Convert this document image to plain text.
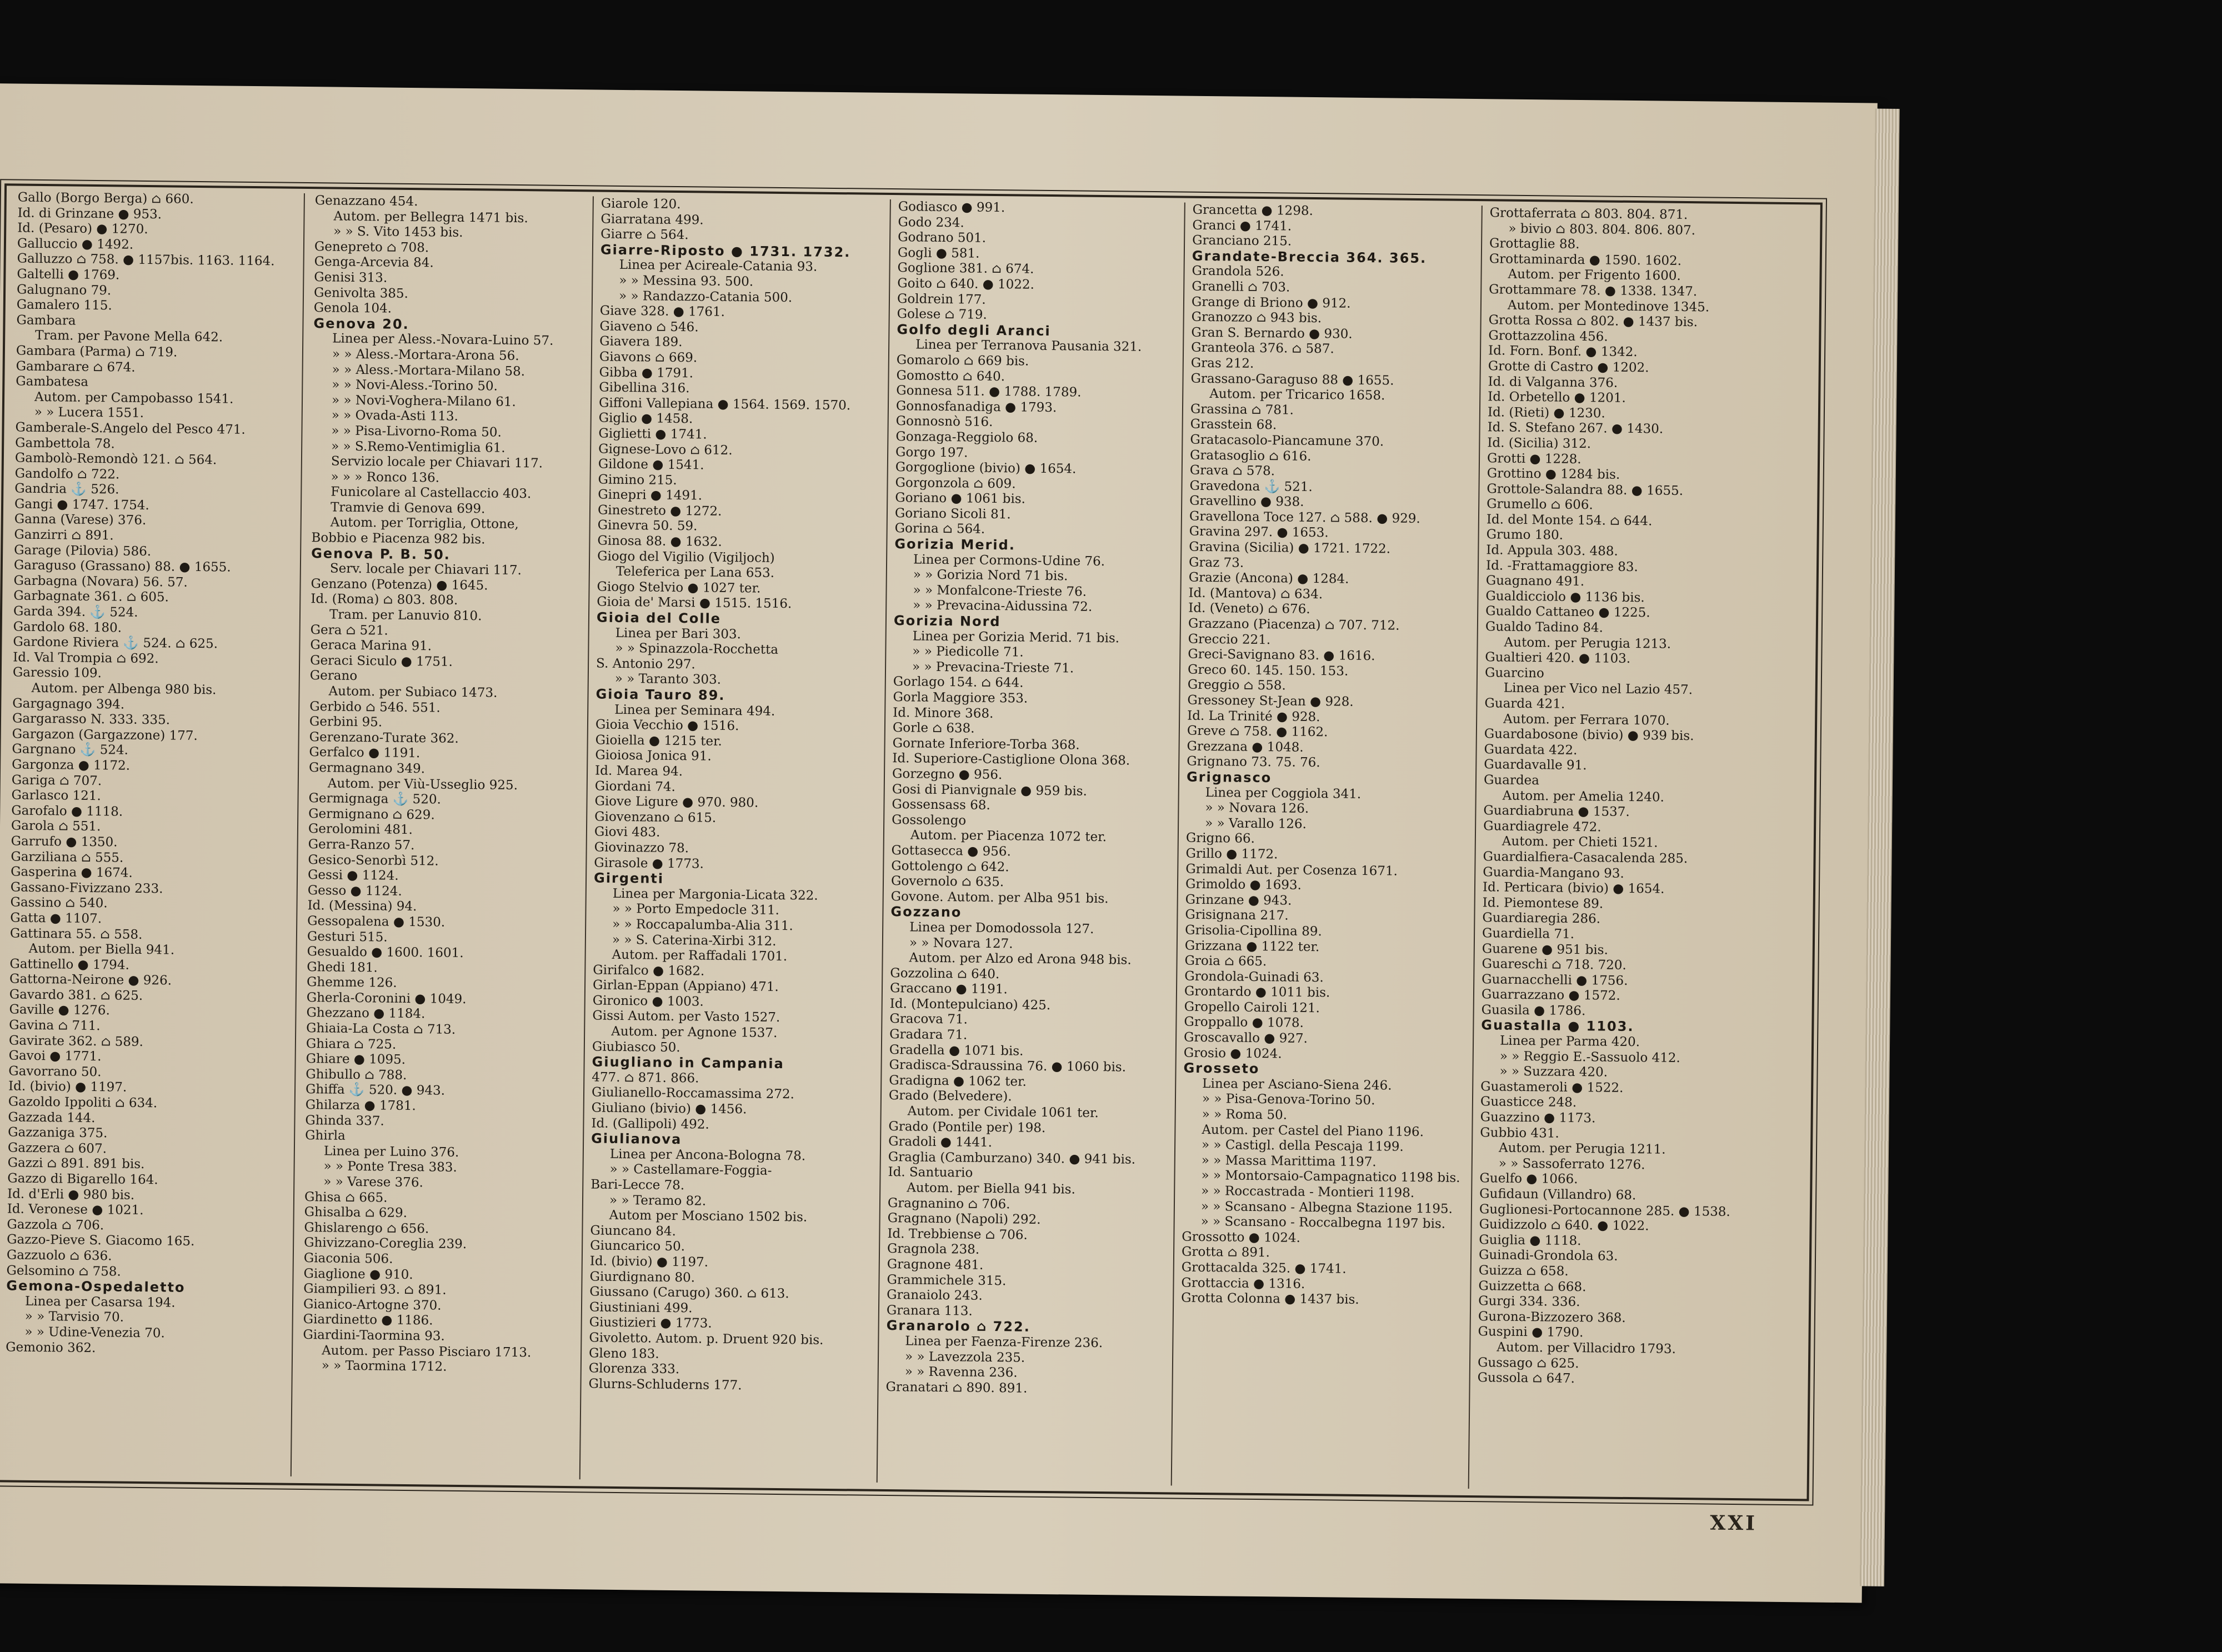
Gallo (Borgo Berga) ⌂ 660.
Id. di Grinzane ● 953.
Id. (Pesaro) ● 1270.
Galluccio ● 1492.
Galluzzo ⌂ 758. ● 1157bis. 1163. 1164.
Galtelli ● 1769.
Galugnano 79.
Gamalero 115.
Gambara
Tram. per Pavone Mella 642.
Gambara (Parma) ⌂ 719.
Gambarare ⌂ 674.
Gambatesa
Autom. per Campobasso 1541.
» » Lucera 1551.
Gamberale-S.Angelo del Pesco 471.
Gambettola 78.
Gambolò-Remondò 121. ⌂ 564.
Gandolfo ⌂ 722.
Gandria ⚓ 526.
Gangi ● 1747. 1754.
Ganna (Varese) 376.
Ganzirri ⌂ 891.
Garage (Pilovia) 586.
Garaguso (Grassano) 88. ● 1655.
Garbagna (Novara) 56. 57.
Garbagnate 361. ⌂ 605.
Garda 394. ⚓ 524.
Gardolo 68. 180.
Gardone Riviera ⚓ 524. ⌂ 625.
Id. Val Trompia ⌂ 692.
Garessio 109.
Autom. per Albenga 980 bis.
Gargagnago 394.
Gargarasso N. 333. 335.
Gargazon (Gargazzone) 177.
Gargnano ⚓ 524.
Gargonza ● 1172.
Gariga ⌂ 707.
Garlasco 121.
Garofalo ● 1118.
Garola ⌂ 551.
Garrufo ● 1350.
Garziliana ⌂ 555.
Gasperina ● 1674.
Gassano-Fivizzano 233.
Gassino ⌂ 540.
Gatta ● 1107.
Gattinara 55. ⌂ 558.
Autom. per Biella 941.
Gattinello ● 1794.
Gattorna-Neirone ● 926.
Gavardo 381. ⌂ 625.
Gaville ● 1276.
Gavina ⌂ 711.
Gavirate 362. ⌂ 589.
Gavoi ● 1771.
Gavorrano 50.
Id. (bivio) ● 1197.
Gazoldo Ippoliti ⌂ 634.
Gazzada 144.
Gazzaniga 375.
Gazzera ⌂ 607.
Gazzi ⌂ 891. 891 bis.
Gazzo di Bigarello 164.
Id. d'Erli ● 980 bis.
Id. Veronese ● 1021.
Gazzola ⌂ 706.
Gazzo-Pieve S. Giacomo 165.
Gazzuolo ⌂ 636.
Gelsomino ⌂ 758.
Gemona-Ospedaletto
Linea per Casarsa 194.
» » Tarvisio 70.
» » Udine-Venezia 70.
Gemonio 362.
Genazzano 454.
Autom. per Bellegra 1471 bis.
» » S. Vito 1453 bis.
Genepreto ⌂ 708.
Genga-Arcevia 84.
Genisi 313.
Genivolta 385.
Genola 104.
Genova 20.
Linea per Aless.-Novara-Luino 57.
» » Aless.-Mortara-Arona 56.
» » Aless.-Mortara-Milano 58.
» » Novi-Aless.-Torino 50.
» » Novi-Voghera-Milano 61.
» » Ovada-Asti 113.
» » Pisa-Livorno-Roma 50.
» » S.Remo-Ventimiglia 61.
Servizio locale per Chiavari 117.
» » » Ronco 136.
Funicolare al Castellaccio 403.
Tramvie di Genova 699.
Autom. per Torriglia, Ottone,
Bobbio e Piacenza 982 bis.
Genova P. B. 50.
Serv. locale per Chiavari 117.
Genzano (Potenza) ● 1645.
Id. (Roma) ⌂ 803. 808.
Tram. per Lanuvio 810.
Gera ⌂ 521.
Geraca Marina 91.
Geraci Siculo ● 1751.
Gerano
Autom. per Subiaco 1473.
Gerbido ⌂ 546. 551.
Gerbini 95.
Gerenzano-Turate 362.
Gerfalco ● 1191.
Germagnano 349.
Autom. per Viù-Usseglio 925.
Germignaga ⚓ 520.
Germignano ⌂ 629.
Gerolomini 481.
Gerra-Ranzo 57.
Gesico-Senorbì 512.
Gessi ● 1124.
Gesso ● 1124.
Id. (Messina) 94.
Gessopalena ● 1530.
Gesturi 515.
Gesualdo ● 1600. 1601.
Ghedi 181.
Ghemme 126.
Gherla-Coronini ● 1049.
Ghezzano ● 1184.
Ghiaia-La Costa ⌂ 713.
Ghiara ⌂ 725.
Ghiare ● 1095.
Ghibullo ⌂ 788.
Ghiffa ⚓ 520. ● 943.
Ghilarza ● 1781.
Ghinda 337.
Ghirla
Linea per Luino 376.
» » Ponte Tresa 383.
» » Varese 376.
Ghisa ⌂ 665.
Ghisalba ⌂ 629.
Ghislarengo ⌂ 656.
Ghivizzano-Coreglia 239.
Giaconia 506.
Giaglione ● 910.
Giampilieri 93. ⌂ 891.
Gianico-Artogne 370.
Giardinetto ● 1186.
Giardini-Taormina 93.
Autom. per Passo Pisciaro 1713.
» » Taormina 1712.
Giarole 120.
Giarratana 499.
Giarre ⌂ 564.
Giarre-Riposto ● 1731. 1732.
Linea per Acireale-Catania 93.
» » Messina 93. 500.
» » Randazzo-Catania 500.
Giave 328. ● 1761.
Giaveno ⌂ 546.
Giavera 189.
Giavons ⌂ 669.
Gibba ● 1791.
Gibellina 316.
Giffoni Vallepiana ● 1564. 1569. 1570.
Giglio ● 1458.
Giglietti ● 1741.
Gignese-Lovo ⌂ 612.
Gildone ● 1541.
Gimino 215.
Ginepri ● 1491.
Ginestreto ● 1272.
Ginevra 50. 59.
Ginosa 88. ● 1632.
Giogo del Vigilio (Vigiljoch)
Teleferica per Lana 653.
Giogo Stelvio ● 1027 ter.
Gioia de' Marsi ● 1515. 1516.
Gioia del Colle
Linea per Bari 303.
» » Spinazzola-Rocchetta
S. Antonio 297.
» » Taranto 303.
Gioia Tauro 89.
Linea per Seminara 494.
Gioia Vecchio ● 1516.
Gioiella ● 1215 ter.
Gioiosa Jonica 91.
Id. Marea 94.
Giordani 74.
Giove Ligure ● 970. 980.
Giovenzano ⌂ 615.
Giovi 483.
Giovinazzo 78.
Girasole ● 1773.
Girgenti
Linea per Margonia-Licata 322.
» » Porto Empedocle 311.
» » Roccapalumba-Alia 311.
» » S. Caterina-Xirbi 312.
Autom. per Raffadali 1701.
Girifalco ● 1682.
Girlan-Eppan (Appiano) 471.
Gironico ● 1003.
Gissi Autom. per Vasto 1527.
Autom. per Agnone 1537.
Giubiasco 50.
Giugliano in Campania
477. ⌂ 871. 866.
Giulianello-Roccamassima 272.
Giuliano (bivio) ● 1456.
Id. (Gallipoli) 492.
Giulianova
Linea per Ancona-Bologna 78.
» » Castellamare-Foggia-
Bari-Lecce 78.
» » Teramo 82.
Autom per Mosciano 1502 bis.
Giuncano 84.
Giuncarico 50.
Id. (bivio) ● 1197.
Giurdignano 80.
Giussano (Carugo) 360. ⌂ 613.
Giustiniani 499.
Giustizieri ● 1773.
Givoletto. Autom. p. Druent 920 bis.
Gleno 183.
Glorenza 333.
Glurns-Schluderns 177.
Godiasco ● 991.
Godo 234.
Godrano 501.
Gogli ● 581.
Goglione 381. ⌂ 674.
Goito ⌂ 640. ● 1022.
Goldrein 177.
Golese ⌂ 719.
Golfo degli Aranci
Linea per Terranova Pausania 321.
Gomarolo ⌂ 669 bis.
Gomostto ⌂ 640.
Gonnesa 511. ● 1788. 1789.
Gonnosfanadiga ● 1793.
Gonnosnò 516.
Gonzaga-Reggiolo 68.
Gorgo 197.
Gorgoglione (bivio) ● 1654.
Gorgonzola ⌂ 609.
Goriano ● 1061 bis.
Goriano Sicoli 81.
Gorina ⌂ 564.
Gorizia Merid.
Linea per Cormons-Udine 76.
» » Gorizia Nord 71 bis.
» » Monfalcone-Trieste 76.
» » Prevacina-Aidussina 72.
Gorizia Nord
Linea per Gorizia Merid. 71 bis.
» » Piedicolle 71.
» » Prevacina-Trieste 71.
Gorlago 154. ⌂ 644.
Gorla Maggiore 353.
Id. Minore 368.
Gorle ⌂ 638.
Gornate Inferiore-Torba 368.
Id. Superiore-Castiglione Olona 368.
Gorzegno ● 956.
Gosi di Pianvignale ● 959 bis.
Gossensass 68.
Gossolengo
Autom. per Piacenza 1072 ter.
Gottasecca ● 956.
Gottolengo ⌂ 642.
Governolo ⌂ 635.
Govone. Autom. per Alba 951 bis.
Gozzano
Linea per Domodossola 127.
» » Novara 127.
Autom. per Alzo ed Arona 948 bis.
Gozzolina ⌂ 640.
Graccano ● 1191.
Id. (Montepulciano) 425.
Gracova 71.
Gradara 71.
Gradella ● 1071 bis.
Gradisca-Sdraussina 76. ● 1060 bis.
Gradigna ● 1062 ter.
Grado (Belvedere).
Autom. per Cividale 1061 ter.
Grado (Pontile per) 198.
Gradoli ● 1441.
Graglia (Camburzano) 340. ● 941 bis.
Id. Santuario
Autom. per Biella 941 bis.
Gragnanino ⌂ 706.
Gragnano (Napoli) 292.
Id. Trebbiense ⌂ 706.
Gragnola 238.
Gragnone 481.
Grammichele 315.
Granaiolo 243.
Granara 113.
Granarolo ⌂ 722.
Linea per Faenza-Firenze 236.
» » Lavezzola 235.
» » Ravenna 236.
Granatari ⌂ 890. 891.
Grancetta ● 1298.
Granci ● 1741.
Granciano 215.
Grandate-Breccia 364. 365.
Grandola 526.
Granelli ⌂ 703.
Grange di Briono ● 912.
Granozzo ⌂ 943 bis.
Gran S. Bernardo ● 930.
Granteola 376. ⌂ 587.
Gras 212.
Grassano-Garaguso 88 ● 1655.
Autom. per Tricarico 1658.
Grassina ⌂ 781.
Grasstein 68.
Gratacasolo-Pianca​mune 370.
Gratasoglio ⌂ 616.
Grava ⌂ 578.
Gravedona ⚓ 521.
Gravellino ● 938.
Gravellona Toce 127. ⌂ 588. ● 929.
Gravina 297. ● 1653.
Gravina (Sicilia) ● 1721. 1722.
Graz 73.
Grazie (Ancona) ● 1284.
Id. (Mantova) ⌂ 634.
Id. (Veneto) ⌂ 676.
Grazzano (Piacenza) ⌂ 707. 712.
Greccio 221.
Greci-Savignano 83. ● 1616.
Greco 60. 145. 150. 153.
Greggio ⌂ 558.
Gressoney St-Jean ● 928.
Id. La Trinité ● 928.
Greve ⌂ 758. ● 1162.
Grezzana ● 1048.
Grignano 73. 75. 76.
Grignasco
Linea per Coggiola 341.
» » Novara 126.
» » Varallo 126.
Grigno 66.
Grillo ● 1172.
Grimaldi Aut. per Cosenza 1671.
Grimoldo ● 1693.
Grinzane ● 943.
Grisignana 217.
Grisolia-Cipollina 89.
Grizzana ● 1122 ter.
Groia ⌂ 665.
Grondola-Guinadi 63.
Grontardo ● 1011 bis.
Gropello Cairoli 121.
Groppallo ● 1078.
Groscavallo ● 927.
Grosio ● 1024.
Grosseto
Linea per Asciano-Siena 246.
» » Pisa-Genova-Torino 50.
» » Roma 50.
Autom. per Castel del Piano 1196.
» » Castigl. della Pescaja 1199.
» » Massa Marittima 1197.
» » Montorsaio-Campagnatico 1198 bis.
» » Roccastrada - Montieri 1198.
» » Scansano - Albegna Stazione 1195.
» » Scansano - Roccalbegna 1197 bis.
Grossotto ● 1024.
Grotta ⌂ 891.
Grottacalda 325. ● 1741.
Grottaccia ● 1316.
Grotta Colonna ● 1437 bis.
Grottaferrata ⌂ 803. 804. 871.
» bivio ⌂ 803. 804. 806. 807.
Grottaglie 88.
Grottaminarda ● 1590. 1602.
Autom. per Frigento 1600.
Grottammare 78. ● 1338. 1347.
Autom. per Montedinove 1345.
Grotta Rossa ⌂ 802. ● 1437 bis.
Grottazzolina 456.
Id. Forn. Bonf. ● 1342.
Grotte di Castro ● 1202.
Id. di Valganna 376.
Id. Orbetello ● 1201.
Id. (Rieti) ● 1230.
Id. S. Stefano 267. ● 1430.
Id. (Sicilia) 312.
Grotti ● 1228.
Grottino ● 1284 bis.
Grottole-Salandra 88. ● 1655.
Grumello ⌂ 606.
Id. del Monte 154. ⌂ 644.
Grumo 180.
Id. Appula 303. 488.
Id. -Frattamaggiore 83.
Guagnano 491.
Gualdicciolo ● 1136 bis.
Gualdo Cattaneo ● 1225.
Gualdo Tadino 84.
Autom. per Perugia 1213.
Gualtieri 420. ● 1103.
Guarcino
Linea per Vico nel Lazio 457.
Guarda 421.
Autom. per Ferrara 1070.
Guardabosone (bivio) ● 939 bis.
Guardata 422.
Guardavalle 91.
Guardea
Autom. per Amelia 1240.
Guardiabruna ● 1537.
Guardiagrele 472.
Autom. per Chieti 1521.
Guardialfiera-Casacalenda 285.
Guardia-Mangano 93.
Id. Perticara (bivio) ● 1654.
Id. Piemontese 89.
Guardiaregia 286.
Guardiella 71.
Guarene ● 951 bis.
Guareschi ⌂ 718. 720.
Guarnacchelli ● 1756.
Guarrazzano ● 1572.
Guasila ● 1786.
Guastalla ● 1103.
Linea per Parma 420.
» » Reggio E.-Sassuolo 412.
» » Suzzara 420.
Guastameroli ● 1522.
Guasticce 248.
Guazzino ● 1173.
Gubbio 431.
Autom. per Perugia 1211.
» » Sassoferrato 1276.
Guelfo ● 1066.
Gufidaun (Villandro) 68.
Guglionesi-Portocannone 285. ● 1538.
Guidizzolo ⌂ 640. ● 1022.
Guiglia ● 1118.
Guinadi-Grondola 63.
Guizza ⌂ 658.
Guizzetta ⌂ 668.
Gurgi 334. 336.
Gurona-Bizzozero 368.
Guspini ● 1790.
Autom. per Villacidro 1793.
Gussago ⌂ 625.
Gussola ⌂ 647.
XXI
